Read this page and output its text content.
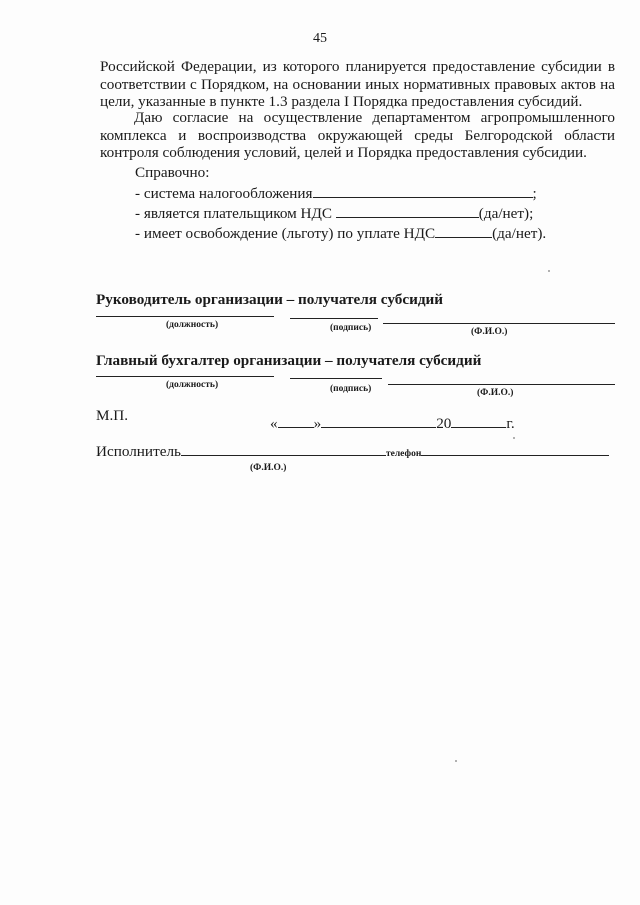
45
Российской Федерации, из которого планируется предоставление субсидии в соответствии с Порядком, на основании иных нормативных правовых актов на цели, указанные в пункте 1.3 раздела I Порядка предоставления субсидий.
Даю согласие на осуществление департаментом агропромышленного комплекса и воспроизводства окружающей среды Белгородской области контроля соблюдения условий, целей и Порядка предоставления субсидии.
Справочно:
- система налогообложения	;
- является плательщиком НДС	(да/нет);
- имеет освобождение (льготу) по уплате НДС	(да/нет).
Руководитель организации – получателя субсидий
(должность)	(подпись)	(Ф.И.О.)
Главный бухгалтер организации – получателя субсидий
(должность)	(подпись)	(Ф.И.О.)
М.П.	« »	20	г.
Исполнитель	телефон
(Ф.И.О.)
